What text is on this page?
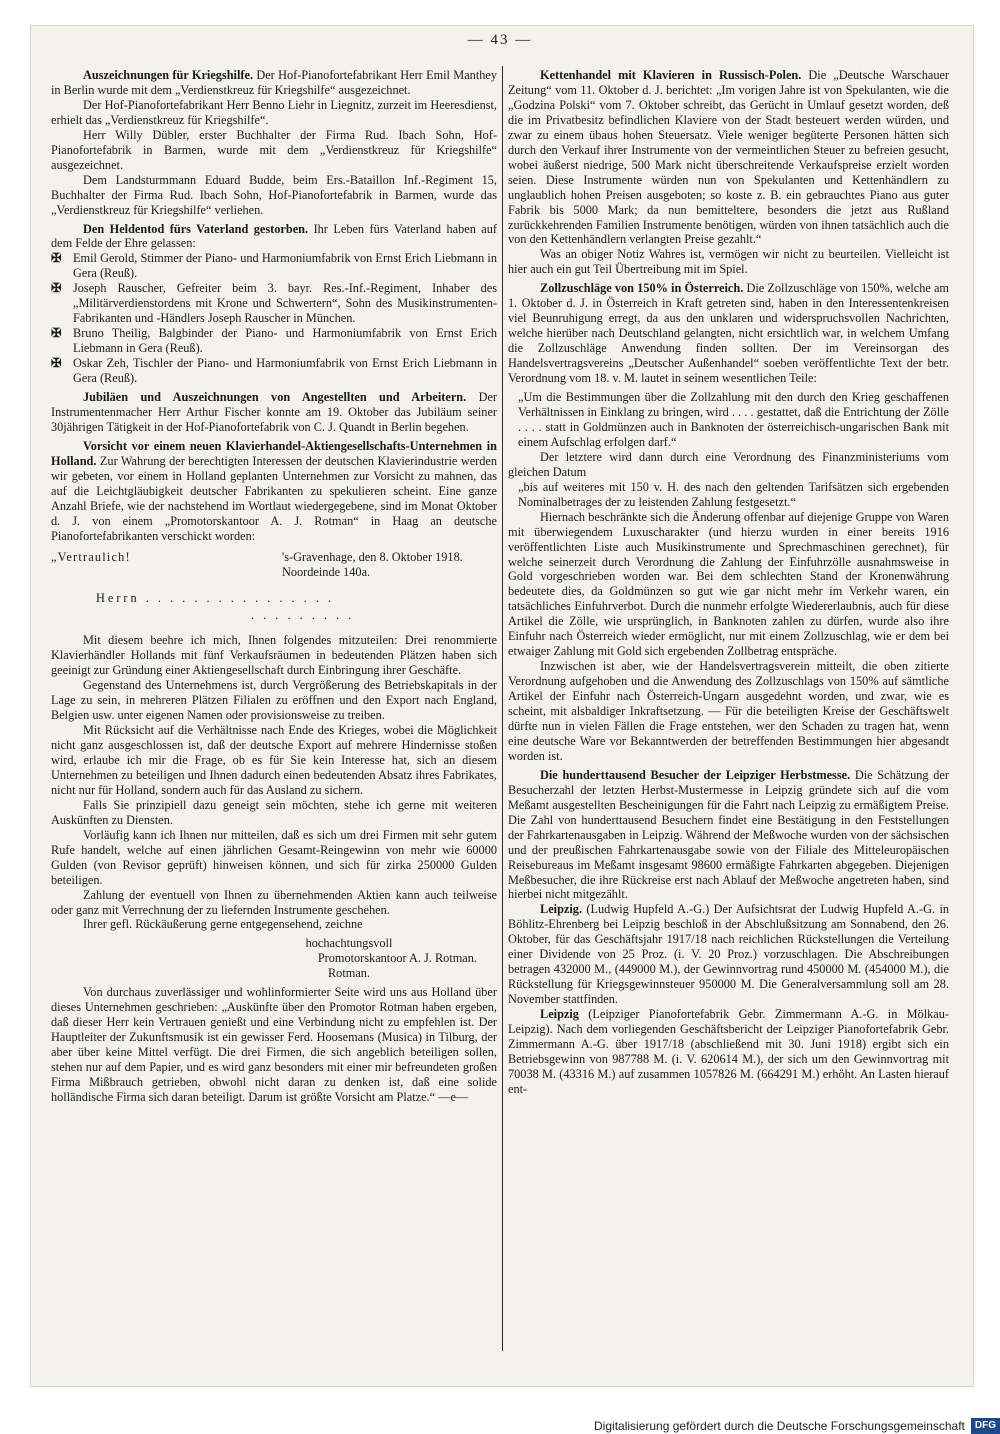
— 43 —

Auszeichnungen für Kriegshilfe. Der Hof-Pianofortefabrikant Herr Emil Manthey in Berlin wurde mit dem „Verdienstkreuz für Kriegshilfe“ ausgezeichnet.

Der Hof-Pianofortefabrikant Herr Benno Liehr in Liegnitz, zurzeit im Heeresdienst, erhielt das „Verdienstkreuz für Kriegshilfe“.

Herr Willy Dübler, erster Buchhalter der Firma Rud. Ibach Sohn, Hof-Pianofortefabrik in Barmen, wurde mit dem „Verdienstkreuz für Kriegshilfe“ ausgezeichnet.

Dem Landsturmmann Eduard Budde, beim Ers.-Bataillon Inf.-Regiment 15, Buchhalter der Firma Rud. Ibach Sohn, Hof-Pianofortefabrik in Barmen, wurde das „Verdienstkreuz für Kriegshilfe“ verliehen.

Den Heldentod fürs Vaterland gestorben. Ihr Leben fürs Vaterland haben auf dem Felde der Ehre gelassen:

✠ Emil Gerold, Stimmer der Piano- und Harmoniumfabrik von Ernst Erich Liebmann in Gera (Reuß).

✠ Joseph Rauscher, Gefreiter beim 3. bayr. Res.-Inf.-Regiment, Inhaber des „Militärverdienstordens mit Krone und Schwertern“, Sohn des Musikinstrumenten-Fabrikanten und -Händlers Joseph Rauscher in München.

✠ Bruno Theilig, Balgbinder der Piano- und Harmoniumfabrik von Ernst Erich Liebmann in Gera (Reuß).

✠ Oskar Zeh, Tischler der Piano- und Harmoniumfabrik von Ernst Erich Liebmann in Gera (Reuß).

Jubiläen und Auszeichnungen von Angestellten und Arbeitern. Der Instrumentenmacher Herr Arthur Fischer konnte am 19. Oktober das Jubiläum seiner 30jährigen Tätigkeit in der Hof-Pianofortefabrik von C. J. Quandt in Berlin begehen.

Vorsicht vor einem neuen Klavierhandel-Aktiengesellschafts-Unternehmen in Holland. Zur Wahrung der berechtigten Interessen der deutschen Klavierindustrie werden wir gebeten, vor einem in Holland geplanten Unternehmen zur Vorsicht zu mahnen, das auf die Leichtgläubigkeit deutscher Fabrikanten zu spekulieren scheint. Eine ganze Anzahl Briefe, wie der nachstehend im Wortlaut wiedergegebene, sind im Monat Oktober d. J. von einem „Promotorskantoor A. J. Rotman“ in Haag an deutsche Pianofortefabrikanten verschickt worden:

„Vertraulich!	's-Gravenhage, den 8. Oktober 1918.
Noordeinde 140a.

Herrn . . . . . . . . . . . . . . . .

. . . . . . . . .

Mit diesem beehre ich mich, Ihnen folgendes mitzuteilen: Drei renommierte Klavierhändler Hollands mit fünf Verkaufsräumen in bedeutenden Plätzen haben sich geeinigt zur Gründung einer Aktiengesellschaft durch Einbringung ihrer Geschäfte.

Gegenstand des Unternehmens ist, durch Vergrößerung des Betriebskapitals in der Lage zu sein, in mehreren Plätzen Filialen zu eröffnen und den Export nach England, Belgien usw. unter eigenen Namen oder provisionsweise zu treiben.

Mit Rücksicht auf die Verhältnisse nach Ende des Krieges, wobei die Möglichkeit nicht ganz ausgeschlossen ist, daß der deutsche Export auf mehrere Hindernisse stoßen wird, erlaube ich mir die Frage, ob es für Sie kein Interesse hat, sich an diesem Unternehmen zu beteiligen und Ihnen dadurch einen bedeutenden Absatz ihres Fabrikates, nicht nur für Holland, sondern auch für das Ausland zu sichern.

Falls Sie prinzipiell dazu geneigt sein möchten, stehe ich gerne mit weiteren Auskünften zu Diensten.

Vorläufig kann ich Ihnen nur mitteilen, daß es sich um drei Firmen mit sehr gutem Rufe handelt, welche auf einen jährlichen Gesamt-Reingewinn von mehr wie 60000 Gulden (von Revisor geprüft) hinweisen können, und sich für zirka 250000 Gulden beteiligen.

Zahlung der eventuell von Ihnen zu übernehmenden Aktien kann auch teilweise oder ganz mit Verrechnung der zu liefernden Instrumente geschehen.

Ihrer gefl. Rückäußerung gerne entgegensehend, zeichne

hochachtungsvoll

Promotorskantoor A. J. Rotman.

Rotman.

Von durchaus zuverlässiger und wohlinformierter Seite wird uns aus Holland über dieses Unternehmen geschrieben: „Auskünfte über den Promotor Rotman haben ergeben, daß dieser Herr kein Vertrauen genießt und eine Verbindung nicht zu empfehlen ist. Der Hauptleiter der Zukunftsmusik ist ein gewisser Ferd. Hoosemans (Musica) in Tilburg, der aber über keine Mittel verfügt. Die drei Firmen, die sich angeblich beteiligen sollen, stehen nur auf dem Papier, und es wird ganz besonders mit einer mir befreundeten großen Firma Mißbrauch getrieben, obwohl nicht daran zu denken ist, daß eine solide holländische Firma sich daran beteiligt. Darum ist größte Vorsicht am Platze.“ —e—

Kettenhandel mit Klavieren in Russisch-Polen. Die „Deutsche Warschauer Zeitung“ vom 11. Oktober d. J. berichtet: „Im vorigen Jahre ist von Spekulanten, wie die „Godzina Polski“ vom 7. Oktober schreibt, das Gerücht in Umlauf gesetzt worden, deß die im Privatbesitz befindlichen Klaviere von der Stadt besteuert werden würden, und zwar zu einem übaus hohen Steuersatz. Viele weniger begüterte Personen hätten sich durch den Verkauf ihrer Instrumente von der vermeintlichen Steuer zu befreien gesucht, wobei äußerst niedrige, 500 Mark nicht überschreitende Verkaufspreise erzielt worden seien. Diese Instrumente würden nun von Spekulanten und Kettenhändlern zu unglaublich hohen Preisen ausgeboten; so koste z. B. ein gebrauchtes Piano aus guter Fabrik bis 5000 Mark; da nun bemitteltere, besonders die jetzt aus Rußland zurückkehrenden Familien Instrumente benötigen, würden von ihnen tatsächlich auch die von den Kettenhändlern verlangten Preise gezahlt.“

Was an obiger Notiz Wahres ist, vermögen wir nicht zu beurteilen. Vielleicht ist hier auch ein gut Teil Übertreibung mit im Spiel.

Zollzuschläge von 150% in Österreich. Die Zollzuschläge von 150%, welche am 1. Oktober d. J. in Österreich in Kraft getreten sind, haben in den Interessentenkreisen viel Beunruhigung erregt, da aus den unklaren und widerspruchsvollen Nachrichten, welche hierüber nach Deutschland gelangten, nicht ersichtlich war, in welchem Umfang die Zollzuschläge Anwendung finden sollten. Der im Vereinsorgan des Handelsvertragsvereins „Deutscher Außenhandel“ soeben veröffentlichte Text der betr. Verordnung vom 18. v. M. lautet in seinem wesentlichen Teile:

„Um die Bestimmungen über die Zollzahlung mit den durch den Krieg geschaffenen Verhältnissen in Einklang zu bringen, wird . . . . gestattet, daß die Entrichtung der Zölle . . . . statt in Goldmünzen auch in Banknoten der österreichisch-ungarischen Bank mit einem Aufschlag erfolgen darf.“

Der letztere wird dann durch eine Verordnung des Finanzministeriums vom gleichen Datum

„bis auf weiteres mit 150 v. H. des nach den geltenden Tarifsätzen sich ergebenden Nominalbetrages der zu leistenden Zahlung festgesetzt.“

Hiernach beschränkte sich die Änderung offenbar auf diejenige Gruppe von Waren mit überwiegendem Luxuscharakter (und hierzu wurden in einer bereits 1916 veröffentlichten Liste auch Musikinstrumente und Sprechmaschinen gerechnet), für welche seinerzeit durch Verordnung die Zahlung der Einfuhrzölle ausnahmsweise in Gold vorgeschrieben worden war. Bei dem schlechten Stand der Kronenwährung bedeutete dies, da Goldmünzen so gut wie gar nicht mehr im Verkehr waren, ein tatsächliches Einfuhrverbot. Durch die nunmehr erfolgte Wiedererlaubnis, auch für diese Artikel die Zölle, wie ursprünglich, in Banknoten zahlen zu dürfen, wurde also ihre Einfuhr nach Österreich wieder ermöglicht, nur mit einem Zollzuschlag, wie er dem bei etwaiger Zahlung mit Gold sich ergebenden Zollbetrag entspräche.

Inzwischen ist aber, wie der Handelsvertragsverein mitteilt, die oben zitierte Verordnung aufgehoben und die Anwendung des Zollzuschlags von 150% auf sämtliche Artikel der Einfuhr nach Österreich-Ungarn ausgedehnt worden, und zwar, wie es scheint, mit alsbaldiger Inkraftsetzung. — Für die beteiligten Kreise der Geschäftswelt dürfte nun in vielen Fällen die Frage entstehen, wer den Schaden zu tragen hat, wenn eine deutsche Ware vor Bekanntwerden der betreffenden Bestimmungen hier abgesandt worden ist.

Die hunderttausend Besucher der Leipziger Herbstmesse. Die Schätzung der Besucherzahl der letzten Herbst-Mustermesse in Leipzig gründete sich auf die vom Meßamt ausgestellten Bescheinigungen für die Fahrt nach Leipzig zu ermäßigtem Preise. Die Zahl von hunderttausend Besuchern findet eine Bestätigung in den Feststellungen der Fahrkartenausgaben in Leipzig. Während der Meßwoche wurden von der sächsischen und der preußischen Fahrkartenausgabe sowie von der Filiale des Mitteleuropäischen Reisebureaus im Meßamt insgesamt 98600 ermäßigte Fahrkarten abgegeben. Diejenigen Meßbesucher, die ihre Rückreise erst nach Ablauf der Meßwoche angetreten haben, sind hierbei nicht mitgezählt.

Leipzig. (Ludwig Hupfeld A.-G.) Der Aufsichtsrat der Ludwig Hupfeld A.-G. in Böhlitz-Ehrenberg bei Leipzig beschloß in der Abschlußsitzung am Sonnabend, den 26. Oktober, für das Geschäftsjahr 1917/18 nach reichlichen Rückstellungen die Verteilung einer Dividende von 25 Proz. (i. V. 20 Proz.) vorzuschlagen. Die Abschreibungen betragen 432000 M., (449000 M.), der Gewinnvortrag rund 450000 M. (454000 M.), die Rückstellung für Kriegsgewinnsteuer 950000 M. Die Generalversammlung soll am 28. November stattfinden.

Leipzig (Leipziger Pianofortefabrik Gebr. Zimmermann A.-G. in Mölkau-Leipzig). Nach dem vorliegenden Geschäftsbericht der Leipziger Pianofortefabrik Gebr. Zimmermann A.-G. über 1917/18 (abschließend mit 30. Juni 1918) ergibt sich ein Betriebsgewinn von 987788 M. (i. V. 620614 M.), der sich um den Gewinnvortrag mit 70038 M. (43316 M.) auf zusammen 1057826 M. (664291 M.) erhöht. An Lasten hierauf ent-

Digitalisierung gefördert durch die Deutsche Forschungsgemeinschaft	DFG
